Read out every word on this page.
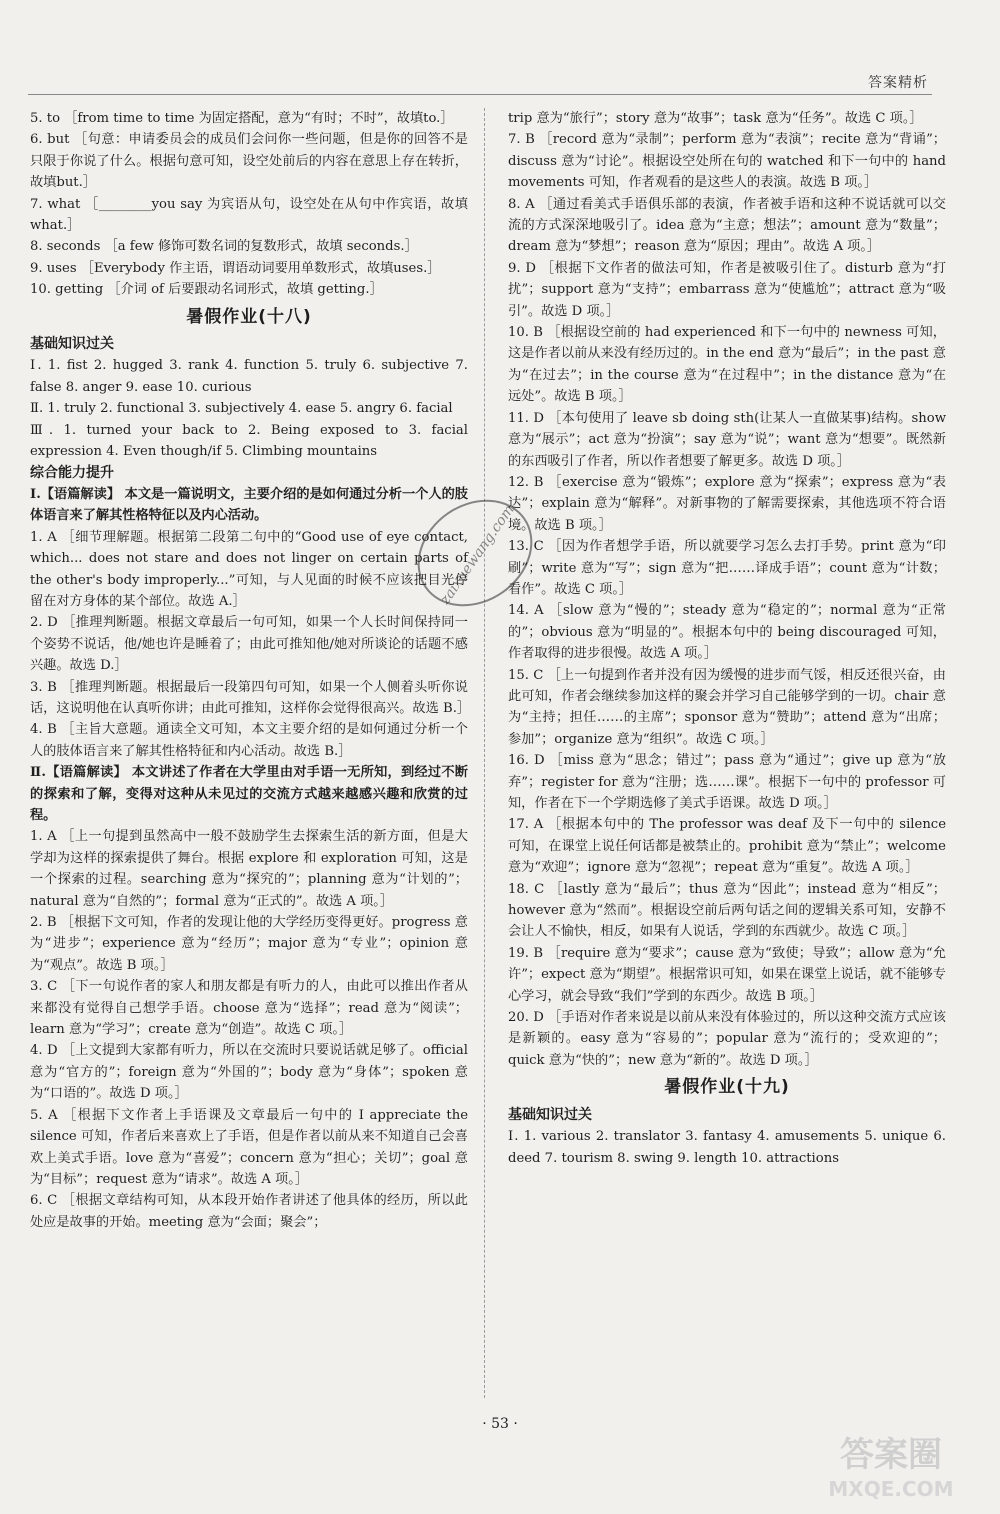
答案精析

5. to ［from time to time 为固定搭配，意为“有时；不时”，故填to.］

6. but ［句意：申请委员会的成员们会问你一些问题，但是你的回答不是只限于你说了什么。根据句意可知，设空处前后的内容在意思上存在转折，故填but.］

7. what ［________you say 为宾语从句，设空处在从句中作宾语，故填what.］

8. seconds ［a few 修饰可数名词的复数形式，故填 seconds.］

9. uses ［Everybody 作主语，谓语动词要用单数形式，故填uses.］

10. getting ［介词 of 后要跟动名词形式，故填 getting.］

暑假作业(十八)
基础知识过关

Ⅰ. 1. fist 2. hugged 3. rank 4. function 5. truly 6. subjective 7. false 8. anger 9. ease 10. curious

Ⅱ. 1. truly 2. functional 3. subjectively 4. ease 5. angry 6. facial

Ⅲ. 1. turned your back to 2. Being exposed to 3. facial expression 4. Even though/if 5. Climbing mountains

综合能力提升

Ⅰ.【语篇解读】 本文是一篇说明文，主要介绍的是如何通过分析一个人的肢体语言来了解其性格特征以及内心活动。

1. A ［细节理解题。根据第二段第二句中的“Good use of eye contact, which... does not stare and does not linger on certain parts of the other's body improperly...”可知，与人见面的时候不应该把目光停留在对方身体的某个部位。故选 A.］

2. D ［推理判断题。根据文章最后一句可知，如果一个人长时间保持同一个姿势不说话，他/她也许是睡着了；由此可推知他/她对所谈论的话题不感兴趣。故选 D.］

3. B ［推理判断题。根据最后一段第四句可知，如果一个人侧着头听你说话，这说明他在认真听你讲；由此可推知，这样你会觉得很高兴。故选 B.］

4. B ［主旨大意题。通读全文可知，本文主要介绍的是如何通过分析一个人的肢体语言来了解其性格特征和内心活动。故选 B.］

Ⅱ.【语篇解读】 本文讲述了作者在大学里由对手语一无所知，到经过不断的探索和了解，变得对这种从未见过的交流方式越来越感兴趣和欣赏的过程。

1. A ［上一句提到虽然高中一般不鼓励学生去探索生活的新方面，但是大学却为这样的探索提供了舞台。根据 explore 和 exploration 可知，这是一个探索的过程。searching 意为“探究的”；planning 意为“计划的”；natural 意为“自然的”；formal 意为“正式的”。故选 A 项。］

2. B ［根据下文可知，作者的发现让他的大学经历变得更好。progress 意为“进步”；experience 意为“经历”；major 意为“专业”；opinion 意为“观点”。故选 B 项。］

3. C ［下一句说作者的家人和朋友都是有听力的人，由此可以推出作者从来都没有觉得自己想学手语。choose 意为“选择”；read 意为“阅读”；learn 意为“学习”；create 意为“创造”。故选 C 项。］

4. D ［上文提到大家都有听力，所以在交流时只要说话就足够了。official 意为“官方的”；foreign 意为“外国的”；body 意为“身体”；spoken 意为“口语的”。故选 D 项。］

5. A ［根据下文作者上手语课及文章最后一句中的 I appreciate the silence 可知，作者后来喜欢上了手语，但是作者以前从来不知道自己会喜欢上美式手语。love 意为“喜爱”；concern 意为“担心；关切”；goal 意为“目标”；request 意为“请求”。故选 A 项。］

6. C ［根据文章结构可知，从本段开始作者讲述了他具体的经历，所以此处应是故事的开始。meeting 意为“会面；聚会”；

trip 意为“旅行”；story 意为“故事”；task 意为“任务”。故选 C 项。］

7. B ［record 意为“录制”；perform 意为“表演”；recite 意为“背诵”；discuss 意为“讨论”。根据设空处所在句的 watched 和下一句中的 hand movements 可知，作者观看的是这些人的表演。故选 B 项。］

8. A ［通过看美式手语俱乐部的表演，作者被手语和这种不说话就可以交流的方式深深地吸引了。idea 意为“主意；想法”；amount 意为“数量”；dream 意为“梦想”；reason 意为“原因；理由”。故选 A 项。］

9. D ［根据下文作者的做法可知，作者是被吸引住了。disturb 意为“打扰”；support 意为“支持”；embarrass 意为“使尴尬”；attract 意为“吸引”。故选 D 项。］

10. B ［根据设空前的 had experienced 和下一句中的 newness 可知，这是作者以前从来没有经历过的。in the end 意为“最后”；in the past 意为“在过去”；in the course 意为“在过程中”；in the distance 意为“在远处”。故选 B 项。］

11. D ［本句使用了 leave sb doing sth(让某人一直做某事)结构。show 意为“展示”；act 意为“扮演”；say 意为“说”；want 意为“想要”。既然新的东西吸引了作者，所以作者想要了解更多。故选 D 项。］

12. B ［exercise 意为“锻炼”；explore 意为“探索”；express 意为“表达”；explain 意为“解释”。对新事物的了解需要探索，其他选项不符合语境。故选 B 项。］

13. C ［因为作者想学手语，所以就要学习怎么去打手势。print 意为“印刷”；write 意为“写”；sign 意为“把……译成手语”；count 意为“计数；看作”。故选 C 项。］

14. A ［slow 意为“慢的”；steady 意为“稳定的”；normal 意为“正常的”；obvious 意为“明显的”。根据本句中的 being discouraged 可知，作者取得的进步很慢。故选 A 项。］

15. C ［上一句提到作者并没有因为缓慢的进步而气馁，相反还很兴奋，由此可知，作者会继续参加这样的聚会并学习自己能够学到的一切。chair 意为“主持；担任……的主席”；sponsor 意为“赞助”；attend 意为“出席；参加”；organize 意为“组织”。故选 C 项。］

16. D ［miss 意为“思念；错过”；pass 意为“通过”；give up 意为“放弃”；register for 意为“注册；选……课”。根据下一句中的 professor 可知，作者在下一个学期选修了美式手语课。故选 D 项。］

17. A ［根据本句中的 The professor was deaf 及下一句中的 silence 可知，在课堂上说任何话都是被禁止的。prohibit 意为“禁止”；welcome 意为“欢迎”；ignore 意为“忽视”；repeat 意为“重复”。故选 A 项。］

18. C ［lastly 意为“最后”；thus 意为“因此”；instead 意为“相反”；however 意为“然而”。根据设空前后两句话之间的逻辑关系可知，安静不会让人不愉快，相反，如果有人说话，学到的东西就少。故选 C 项。］

19. B ［require 意为“要求”；cause 意为“致使；导致”；allow 意为“允许”；expect 意为“期望”。根据常识可知，如果在课堂上说话，就不能够专心学习，就会导致“我们”学到的东西少。故选 B 项。］

20. D ［手语对作者来说是以前从来没有体验过的，所以这种交流方式应该是新颖的。easy 意为“容易的”；popular 意为“流行的；受欢迎的”；quick 意为“快的”；new 意为“新的”。故选 D 项。］

暑假作业(十九)
基础知识过关

Ⅰ. 1. various 2. translator 3. fantasy 4. amusements 5. unique 6. deed 7. tourism 8. swing 9. length 10. attractions

· 53 ·
zaixuewang.com
答案圈
MXQE.COM
